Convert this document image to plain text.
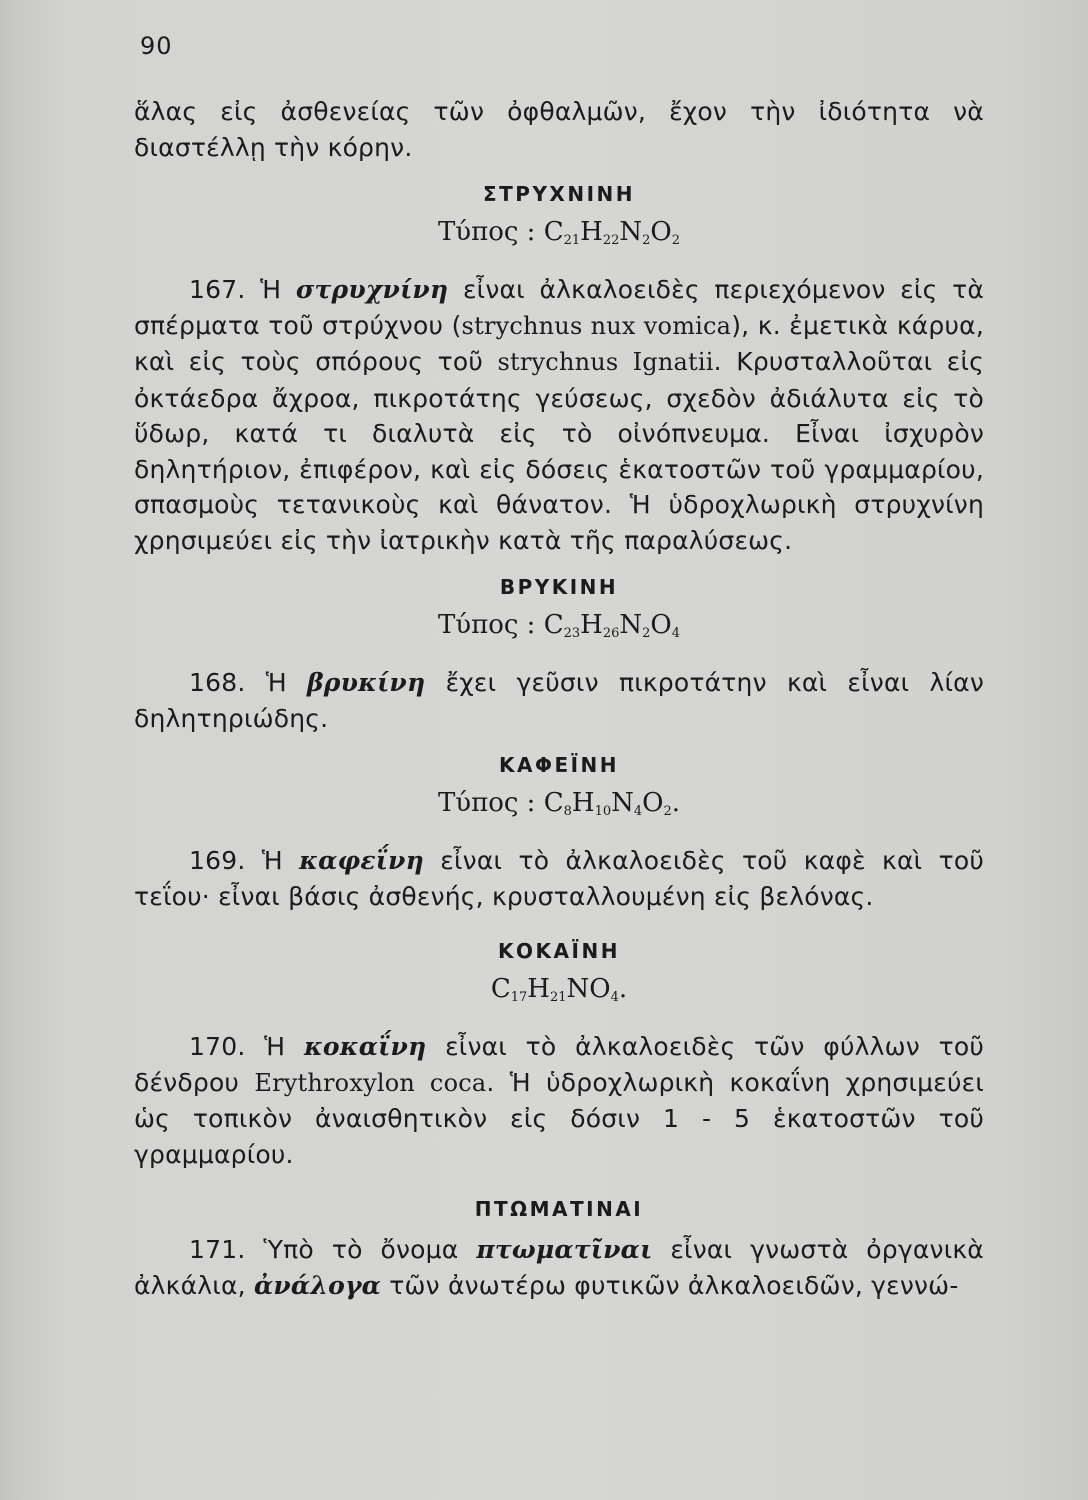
90

ἅλας εἰς ἀσθενείας τῶν ὀφθαλμῶν, ἔχον τὴν ἰδιότητα νὰ διαστέλλῃ τὴν κόρην.

ΣΤΡΥΧΝΙΝΗ
Τύπος : $C_{21}H_{22}N_2O_2$

167. Ἡ στρυχνίνη εἶναι ἀλκαλοειδὲς περιεχόμενον εἰς τὰ σπέρματα τοῦ στρύχνου (strychnus nux vomica), κ. ἐμετικὰ κάρυα, καὶ εἰς τοὺς σπόρους τοῦ strychnus Ignatii. Κρυσταλλοῦται εἰς ὀκτάεδρα ἄχροα, πικροτάτης γεύσεως, σχεδὸν ἀδιάλυτα εἰς τὸ ὕδωρ, κατά τι διαλυτὰ εἰς τὸ οἰνόπνευμα. Εἶναι ἰσχυρὸν δηλητήριον, ἐπιφέρον, καὶ εἰς δόσεις ἑκατοστῶν τοῦ γραμμαρίου, σπασμοὺς τετανικοὺς καὶ θάνατον. Ἡ ὑδροχλωρικὴ στρυχνίνη χρησιμεύει εἰς τὴν ἰατρικὴν κατὰ τῆς παραλύσεως.

ΒΡΥΚΙΝΗ
Τύπος : $C_{23}H_{26}N_2O_4$

168. Ἡ βρυκίνη ἔχει γεῦσιν πικροτάτην καὶ εἶναι λίαν δηλητηριώδης.

ΚΑΦΕΪΝΗ
Τύπος : $C_8H_{10}N_4O_2$.

169. Ἡ καφεΐνη εἶναι τὸ ἀλκαλοειδὲς τοῦ καφὲ καὶ τοῦ τεΐου· εἶναι βάσις ἀσθενής, κρυσταλλουμένη εἰς βελόνας.

ΚΟΚΑΪΝΗ
$C_{17}H_{21}NO_4$.

170. Ἡ κοκαΐνη εἶναι τὸ ἀλκαλοειδὲς τῶν φύλλων τοῦ δένδρου Erythroxylon coca. Ἡ ὑδροχλωρικὴ κοκαΐνη χρησιμεύει ὡς τοπικὸν ἀναισθητικὸν εἰς δόσιν 1 - 5 ἑκατοστῶν τοῦ γραμμαρίου.

ΠΤΩΜΑΤΙΝΑΙ

171. Ὑπὸ τὸ ὄνομα πτωματῖναι εἶναι γνωστὰ ὀργανικὰ ἀλκάλια, ἀνάλογα τῶν ἀνωτέρω φυτικῶν ἀλκαλοειδῶν, γεννώ-
